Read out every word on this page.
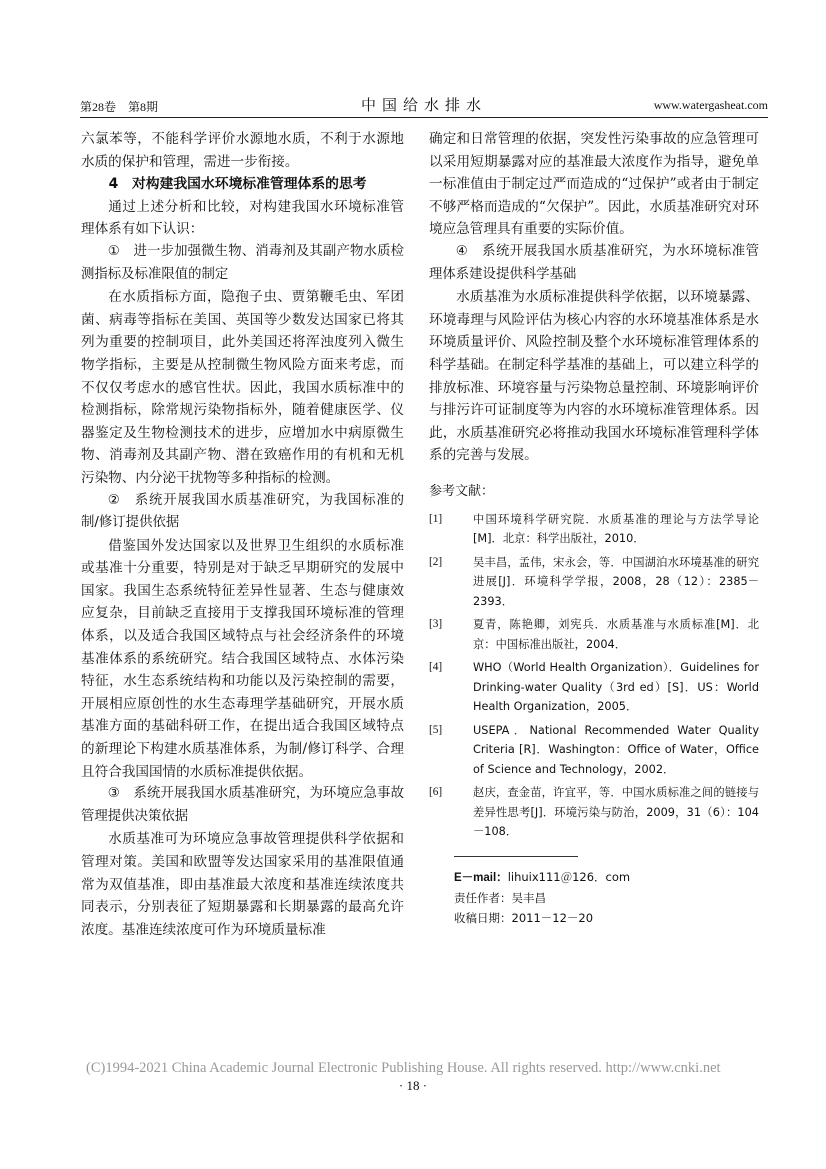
第28卷　第8期	中国给水排水	www.watergasheat.com

六氯苯等，不能科学评价水源地水质，不利于水源地水质的保护和管理，需进一步衔接。

4　对构建我国水环境标准管理体系的思考

通过上述分析和比较，对构建我国水环境标准管理体系有如下认识：

①　进一步加强微生物、消毒剂及其副产物水质检测指标及标准限值的制定

在水质指标方面，隐孢子虫、贾第鞭毛虫、军团菌、病毒等指标在美国、英国等少数发达国家已将其列为重要的控制项目，此外美国还将浑浊度列入微生物学指标，主要是从控制微生物风险方面来考虑，而不仅仅考虑水的感官性状。因此，我国水质标准中的检测指标，除常规污染物指标外，随着健康医学、仪器鉴定及生物检测技术的进步，应增加水中病原微生物、消毒剂及其副产物、潜在致癌作用的有机和无机污染物、内分泌干扰物等多种指标的检测。

②　系统开展我国水质基准研究，为我国标准的制/修订提供依据

借鉴国外发达国家以及世界卫生组织的水质标准或基准十分重要，特别是对于缺乏早期研究的发展中国家。我国生态系统特征差异性显著、生态与健康效应复杂，目前缺乏直接用于支撑我国环境标准的管理体系，以及适合我国区域特点与社会经济条件的环境基准体系的系统研究。结合我国区域特点、水体污染特征，水生态系统结构和功能以及污染控制的需要，开展相应原创性的水生态毒理学基础研究，开展水质基准方面的基础科研工作，在提出适合我国区域特点的新理论下构建水质基准体系，为制/修订科学、合理且符合我国国情的水质标准提供依据。

③　系统开展我国水质基准研究，为环境应急事故管理提供决策依据

水质基准可为环境应急事故管理提供科学依据和管理对策。美国和欧盟等发达国家采用的基准限值通常为双值基准，即由基准最大浓度和基准连续浓度共同表示，分别表征了短期暴露和长期暴露的最高允许浓度。基准连续浓度可作为环境质量标准

确定和日常管理的依据，突发性污染事故的应急管理可以采用短期暴露对应的基准最大浓度作为指导，避免单一标准值由于制定过严而造成的“过保护”或者由于制定不够严格而造成的“欠保护”。因此，水质基准研究对环境应急管理具有重要的实际价值。

④　系统开展我国水质基准研究，为水环境标准管理体系建设提供科学基础

水质基准为水质标准提供科学依据，以环境暴露、环境毒理与风险评估为核心内容的水环境基准体系是水环境质量评价、风险控制及整个水环境标准管理体系的科学基础。在制定科学基准的基础上，可以建立科学的排放标准、环境容量与污染物总量控制、环境影响评价与排污许可证制度等为内容的水环境标准管理体系。因此，水质基准研究必将推动我国水环境标准管理科学体系的完善与发展。

参考文献：
[1]	中国环境科学研究院．水质基准的理论与方法学导论[M]．北京：科学出版社，2010．
[2]	吴丰昌，孟伟，宋永会，等．中国湖泊水环境基准的研究进展[J]．环境科学学报，2008，28（12）：2385－2393．
[3]	夏青，陈艳卿，刘宪兵．水质基准与水质标准[M]．北京：中国标准出版社，2004．
[4]	WHO（World Health Organization）．Guidelines for Drinking-water Quality（3rd ed）[S]．US：World Health Organization，2005．
[5]	USEPA．National Recommended Water Quality Criteria [R]．Washington：Office of Water，Office of Science and Technology，2002．
[6]	赵庆，查金苗，许宜平，等．中国水质标准之间的链接与差异性思考[J]．环境污染与防治，2009，31（6）：104－108．
E－mail：lihuix111＠126．com
责任作者：吴丰昌
收稿日期：2011－12－20
(C)1994-2021 China Academic Journal Electronic Publishing House. All rights reserved. http://www.cnki.net
· 18 ·
